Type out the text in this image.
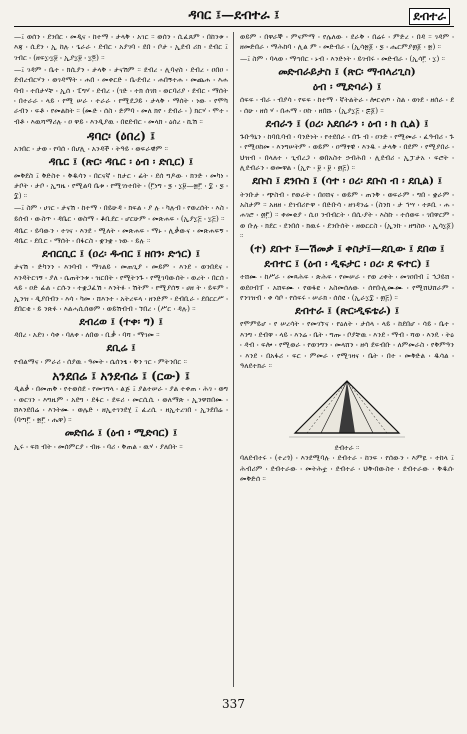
ዳባር ፤—ደብተራ ፤	ደብተራ
—፤ ወሰን ፡ ደንበር ፡ መዲና ፡ ከተማ ፡ ታላቅ ፡ አገር ። ወሰን ፡ ሲፈጸም ፡ በከንቱ ፡ እጃ ፡ ሲደን ፡ ኢ ከሉ ፡ ጌራራ ፡ ደብር ፡ አያገባ ፡ ደበ ፡ ቦታ ፡ ኢደብ ሪክ ፡ ደብር ፤ ገብር ፡ (ዘፍ፲፡፲፱ ፡ ኢያ፲፱ ፡ ፲፬) ።
—፤ ገዳም ፡ ቤተ ፡ ክሲያን ፡ ታላቅ ፡ ታናሽም ። ደብረ ፡ ሊባኖስ ፡ ደብረ ፡ ዐበዐ ፡ ደብረብርሃን ፡ ወገዳማት ፡ ሐበ ፡ መቀርድ ፡ ቤ፡ደብረ ፡ ሐበኝተሐ ፡ መጨሐ ፡ እሐ ባብ ፡ ተበታሃቸ ፡ ኢሰ ፡ ፒግሃ ፡ ደብረ ፡ (ገድ ፡ ተክ ሰገክ ፡ ወርባሪያ ፡ ደብር ፡ ማሰት ፡ በተራራ ፡ ላይ ፡ የሚ ሠራ ፡ ተራራ ፡ የሚደጋይ ፡ ታላቅ ፡ ማሰት ፡ ነው ፡ የሞካ ራብን ፡ ፍቶ ፡ የመልከት ። (ሙድ ፡ ሰስ ፡ ድምባ ፡ መለ ክየ ፡ ደብራ ፡ ) ክርሃ ፡ ሞተ ፡ ብቶ ፡ እዉሻማሪሉ ፡ ዐ ዋይ ፡ እንዲያዉ ፡ በዩደብር ፡ መላክ ፡ ዕሰረ ፡ ኪሽ ።
ዳባር፡ (ዕበረ) ፤
አንበር ፡ ታወ ፡ የባሰ ፡ በሆሊ ፡ አንዳች ፡ ትዓይ ፡ ወፍራዊም ።
ዳቤር ፤ (ጽር፡ ዳቤር ፡ ዕብ ፡ ድቢር) ፤
መቅደስ ፤ ቅድስተ ፡ ቅዱሳን ፡ በርናኛ ፡ ክታር ፡ ፊት ፡ ደሰ ግዶው ፡ ክንድ ፡ መካነ ፡ ታቦት ፡ ታቦ ፡ ኢግዜ ፡ የሚልባ ቤቱ ፡ የሚገነተበት ፡ (፫ነግ ፡ ፯ ፡ ፲፱—፳፫ ፡ ፰ ፡ ፯ ፡ ፰) ።
—፤ ስም ፡ ሀገር ፡ ታናሽ ፡ ከተማ ፡ በይሁዳ ፡ ክፍል ፡ ያ ሉ ፡ ካሉብ ፡ የወረሰት ፡ እስ ፡ ይሰብ ፡ ውስጥ ፡ ዳቤር ፡ ወስማ ፡ ቆቢደር ፡ ሆርሁም ፡ መጽሐፍ ፡ (ኢያ፲፭ ፡ ፲፭) ።
ዳቤር ፡ ይባውን ፡ ተገና ፡ እንደ ፡ ሚለት ፡ መጽሐፍ ፡ ማኑ ፡ ሊቃውና ፡ መጽሐፍኝ ፡ ዳቤር ፡ ደቢር ፡ ማሰት ፡ በፋርስ ፡ ቋንቋ ፡ ነው ፡ ይሉ ።
ደብርቢር ፤ (ዐረ፡ ዱብር ፤ ዘበን፡ ድኅር) ፤
ታናሽ ፡ ድካንን ፡ እንባብ ፡ ማገልይ ፡ መጠጊያ ፡ መይም ፡ እንደ ፡ ወንበዴና ፡ እንዳትርገኝ ፡ ያለ ፡ ሴጠትንቱ ፡ ዝርበት ፡ የሚትንጉ ፡ የሚገባውሰት ፡ ወረት ፡ በርሰ ፡ ላይ ፡ ዐድ ፊል ፡ ርሱን ፡ ተቋጋፈሽ ፡ እንትፉ ፡ ሽትም ፡ የሚያሰኝ ፡ ሀዘ ት ፡ ይፍም ፡ ኢንዝ ፡ ዲያበብን ፡ እሳ ፡ ካመ ፡ ሸእንተ ፡ አትረፍላ ፡ ዘንድም ፡ ደብቢራ ፡ ደበርርሥ ፡ ደበርቂ ፡ ይ ንጽፉ ፡ እልሓሲሰወም ፡ ወይሽብብ ፡ ኘበረ ፡ (ሥር ፡ ዳሉ) ።
ደብረወ ፤ (ተቀ፡ ግ) ፤
ዳበረ ፡ አደገ ፡ ሳቀ ፡ ባለቀ ፡ ለበወ ፡ ቢቃ ፡ ባሻ ፡ ማገመ ።
ደቢሬ ፤
የብልማና ፡ ምራሪ ፡ ሰያዉ ፡ ዓመት ፡ ሴሰንፄ ፡ ቅን ገር ፡ ምትንበር ።
አንደበሬ ፤ አንደብሬ ፤ (ርው) ፤
ዲልቃ ፡ በመጠቅ ፡ የተወሰደ ፡ የመገግላ ፡ ልጅ ፤ ያልተሠራ ፡ ያል ተቀጠ ፡ ሕገ ፡ ወግ ፡ ወርገን ፡ እግዚም ፡ አደግ ፡ ደፋር ፡ ደፍሪ ፡ መርሲሲ ፡ ወለማጽ ፡ ኢንዋሸበሙ ፡ ሸእንደበሬ ፡ እንትሙ ፡ ወሌድ ፡ ዘኢተገንደሂ ፤ ፈረሲ ፡ ዘኢተረገበ ፡ ኢንደበሬ ፡ (ባጣ፫ ፡ ፳፫ ፡ ሔዋ) ።
መድበሬ ፤ (ዕብ ፡ ሚድባር) ፤
ኢሩ ፡ ፍክ ብት ፡ መሰምርያ ፡ ብዙ ፡ ባሪ ፡ ቅጠል ፡ ዉሃ ፡ ያለበት ።
ወይም ፡ በዋራኞ ፡ ምናምማ ፡ የሌለው ፡ ደራቅ ፡ በሬሩ ፡ ምድረ ፡ በዳ ። ገዳም ፡ ዘመድበራ ፡ ማሕከባ ፡ ሊል ም ፡ መድብራ ፡ (ኢሳ፳፩ ፡ ፯ ፡ ሔርምያ፴፩ ፡ ፳) ።
—፤ ስም ፡ ባላወ ፡ ማኀበር ፡ ኑብ ፡ እንድነት ፡ ይገብሩ ፡ መድብራ ፡ (ኢሳ፫ ፡ ፲) ።
መድብራይታስ ፤ (ጽር፡ ማብላሪጊስ)
ዕብ ፡ ሚድባራ) ፤
ሰፍፍ ፡ ብራ ፡ ብያሳ ፡ የፍፍ ፡ ከተማ ፡ ኛትልትራ ፡ ሎርኖጦ ፡ ስል ፡ ወነደ ፡ ዘሰራ ፡ ደ ፡ ሰሁ ፡ ዘሰ ሃ ፡ በሐማ ፡ ዐኩ ፡ ዘበሹ ፡ (ኢያ፲፭ ፡ ፷፩) ።
ደብራን ፤ (ዐረ፡ አደበራን ፡ ዕብ ፡ ክ ሲል) ፤
ጉቡዓኒን ፡ ከባቢባብ ፡ ባንድነት ፡ የተደበራ ፡ በጉ ብ ፡ ዐንድ ፡ የሚመራ ፡ ፈዓብሪ ፡ ጉ ፡ የሚዐከመ ፡ እንግሠትም ፡ ወይም ፡ ዐማፃዊ ፡ እንዱ ፡ ታላቅ ፡ በደም ፡ የሚያበራ ፡ ህዝብ ፡ በላለተ ፡ ጊብረጋ ፡ ወበአስተ ኃብሕበ ፡ ሊደብሪ ፡ ኢፓታአ ፡ ፍሮት ፡ ሊደብራን ፡ ወመዋል ፡ (ኢዮ ፡ ፱ ፡ ፱ ፡ ፴፭) ።
ደቡስ ፤ ደንቡስ ፤ (ሳተ ፡ ዐረ፡ ደቡስ ብ ፡ ደቢል) ፤
ትንቡታ ፡ ጭስብ ፡ የወራት ፡ በዐሸና ፡ ወይም ፡ ጠንቅ ፡ ወፍራም ፡ ግበ ፡ ቋራም ፡ አስታም ። አዘዘ ፡ ደገብሪዮዋ ፡ በድቡሳ ፡ ዘገዳንሬ ፡ (ስንክ ፡ ታ ኅሣ ፡ ተጾቢ ፡ ሐ ፡ ሐገሮ ፡ ፴፫) ። ቀመቂያ ፡ ሲዐ ንብብርት ፡ በሲ፡ያት ፡ እስኩ ፡ ተሰወፍ ፡ ገበዋርም ፡ ወ ቡሉ ፡ ክደር ፡ ደንበሰ ፡ ክዉሩ ፡ ደንቡሰት ፡ ዘወርርስ ፡ (ኢንኩ ፡ ዘግስዑ ፡ ኢሳ፲፩) ።
(ተ) ደቡተ ፤—ሽመቃ ፤ ቀስታ፤—ደቢው ፤ ደበወ ፤
ደብተር ፤ (ዕብ ፡ ዲፍታር ፡ ዐረ፡ ደ ፍተር) ፤
ተሸሙ ፡ ከሥራ ፡ መጻሕፍ ፡ ጽሕፍ ፡ የመሠራ ፡ የወ ረቀት ፡ መገዐበብ ፤ ኅጋይሸ ፡ ወደዐብፐ ፡ አሸፍሙ ፡ የወፋዩ ፡ አስመሰለው ፡ ሰየበ፡ሊሙሙ ፡ የሚሸህሸራም ፡ የንገዝብ ፡ ቀ ሳቦ ፡ የሰፍሩ ፡ ሠራክ ፡ ሰሰዩ ፡ (ኢራ፲፰ ፡ ፴፭) ።
ደብተራ ፤ (ጽር፡ዲፍቴራ) ፤
የሞምይሆ ፡ የ ሠረሳት ፡ የመገኘና ፡ የዕለት ፡ ታሰላ ፡ ላይ ፡ ከደበሆ ፡ ሳይ ፡ ቤተ ፡ እንግ ፡ ደብዋ ፡ ላይ ፡ እንሬ ፡ ቤት ፡ ግጡ ፡ ቦያቸዉ ፡ እንደ ፡ ማብ ፡ ሻወ ፡ እንዴ ፡ ትዕ ፡ ዳብ ፡ ፍሎ ፡ የሚወራ ፡ የወንግን ፡ መላሸን ፡ ዘሳ ደፍብቡ ፡ ለምመራስ ፡ የቅምዓን ፡ እንደ ፡ በአፋሪ ፡ ፍር ፡ ምመራ ፡ የሚገዛና ፡ ቤት ፡ በተ ፡ መቅድል ፡ ዱሳል ፡ ዓለደተክራ ።
ደብተራ ።
ባለደብተሩ ፡ (ተረጎ) ፡ እንደሚባሉ ፡ ደብተራ ፡ ከንፍ ፡ የሰውን ፡ እምዬ ፡ ተከላ ፤ ሕብሪም ፡ ደብተራው ፡ መትሕቷ ፡ ደብተራ ፡ ህቅ፡በውስተ ፡ ደብተራው ፡ ቅዱሰ፡ መቅድሰ ።
337
